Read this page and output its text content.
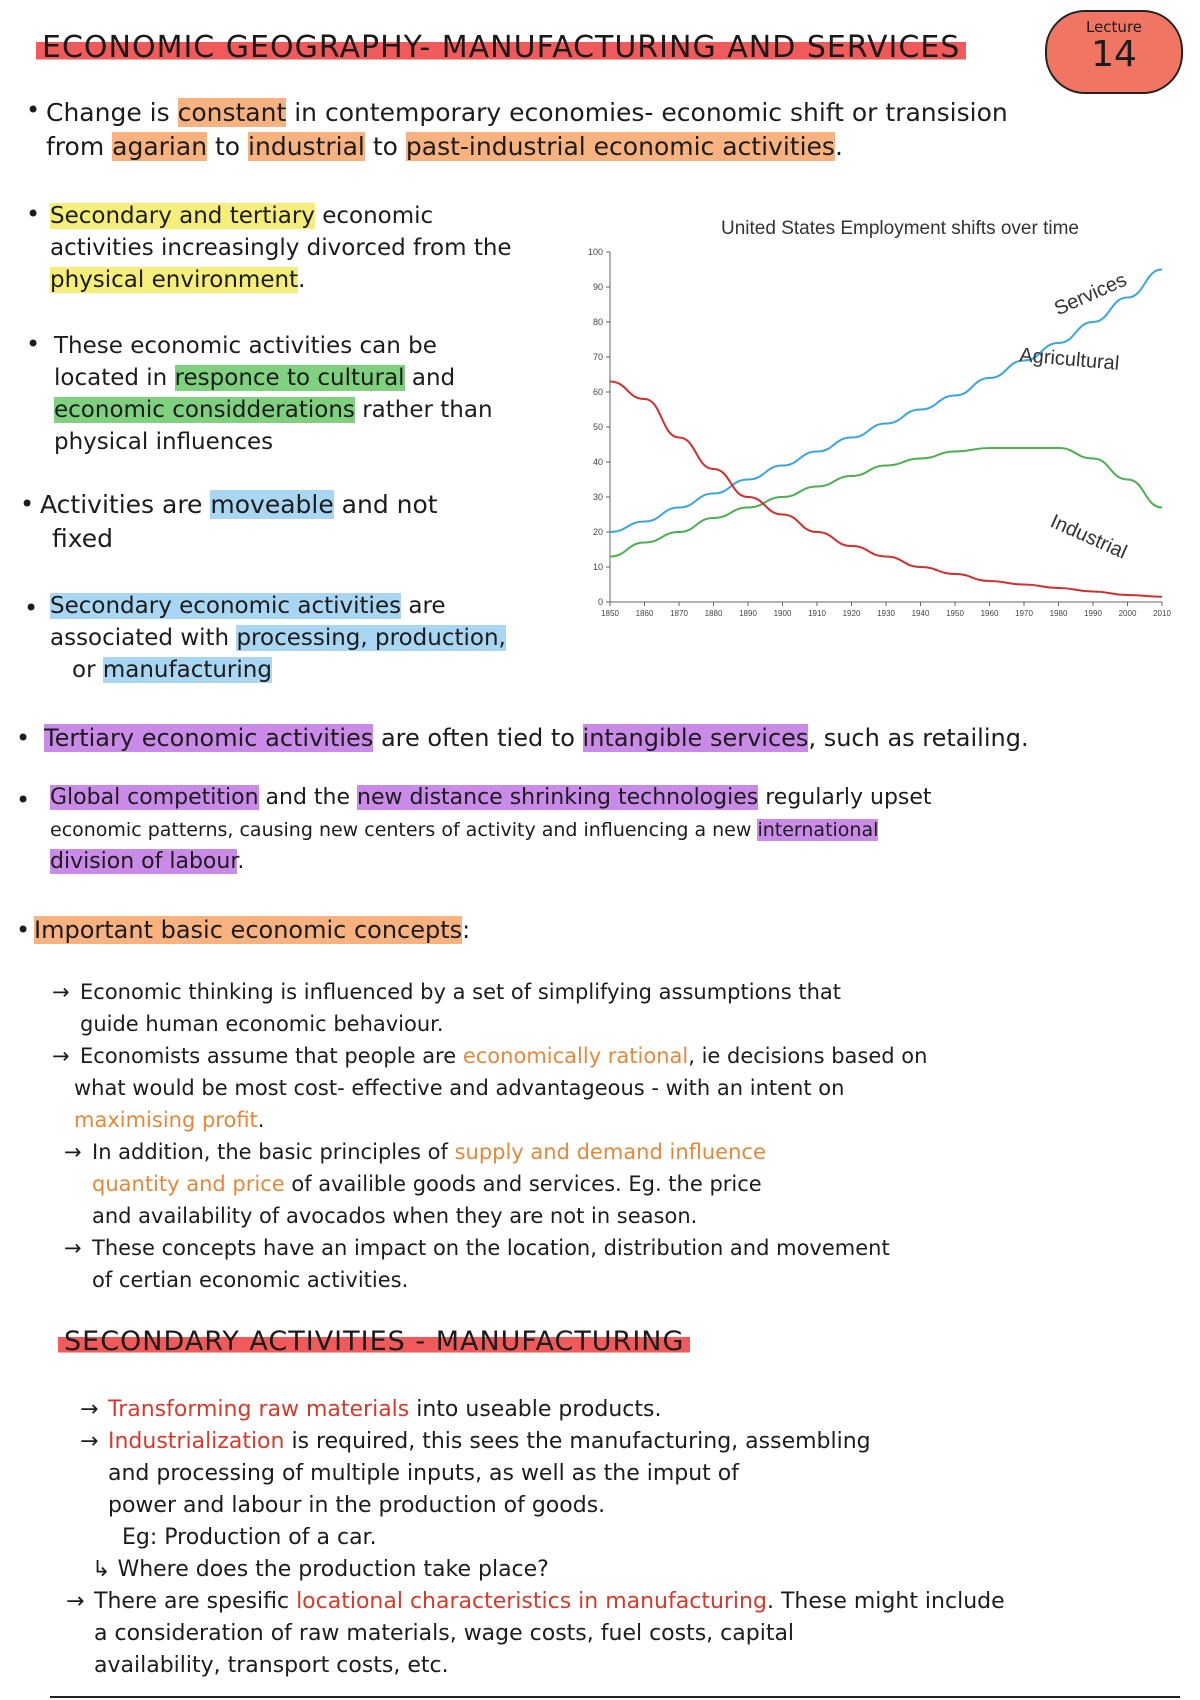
ECONOMIC GEOGRAPHY- MANUFACTURING AND SERVICES
Lecture
14
• Change is constant in contemporary economies- economic shift or transision
from agarian to industrial to past-industrial economic activities.
• Secondary and tertiary economic
activities increasingly divorced from the
physical environment.
• These economic activities can be
located in responce to cultural and
economic considderations rather than
physical influences
• Activities are moveable and not
fixed
• Secondary economic activities are
associated with processing, production,
or manufacturing
United States Employment shifts over time
0
10
20
30
40
50
60
70
80
90
100
1850 1860 1870 1880 1890 1900 1910 1920 1930 1940 1950 1960 1970 1980 1990 2000 2010
Services
Industrial
Agricultural
• Tertiary economic activities are often tied to intangible services, such as retailing.
• Global competition and the new distance shrinking technologies regularly upset
economic patterns, causing new centers of activity and influencing a new international
division of labour.
• Important basic economic concepts:
→ Economic thinking is influenced by a set of simplifying assumptions that
guide human economic behaviour.
→ Economists assume that people are economically rational, ie decisions based on
what would be most cost- effective and advantageous - with an intent on
maximising profit.
→ In addition, the basic principles of supply and demand influence
quantity and price of availible goods and services. Eg. the price
and availability of avocados when they are not in season.
→ These concepts have an impact on the location, distribution and movement
of certian economic activities.
SECONDARY ACTIVITIES - MANUFACTURING
→ Transforming raw materials into useable products.
→ Industrialization is required, this sees the manufacturing, assembling
and processing of multiple inputs, as well as the imput of
power and labour in the production of goods.
Eg: Production of a car.
↳ Where does the production take place?
→ There are spesific locational characteristics in manufacturing. These might include
a consideration of raw materials, wage costs, fuel costs, capital
availability, transport costs, etc.
